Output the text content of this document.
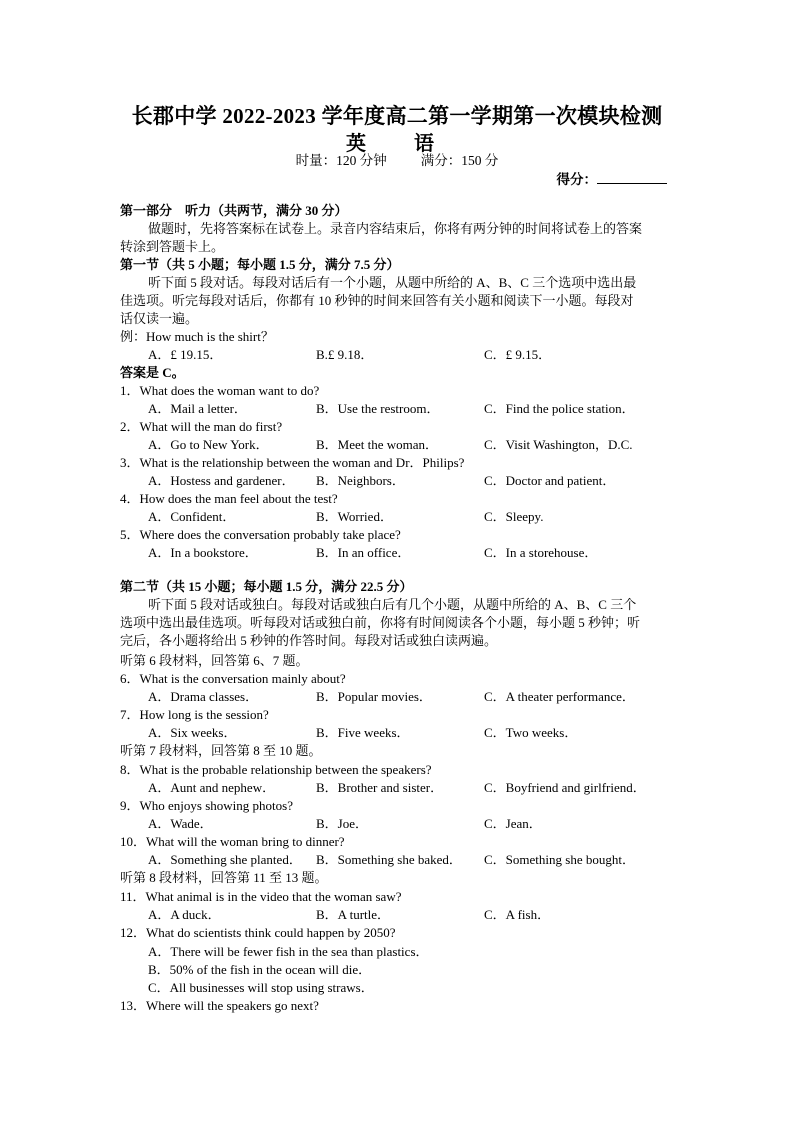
长郡中学 2022-2023 学年度高二第一学期第一次模块检测
英　语
时量：120 分钟	满分：150 分
得分：
第一部分　听力（共两节，满分 30 分）
做题时，先将答案标在试卷上。录音内容结束后，你将有两分钟的时间将试卷上的答案
转涂到答题卡上。
第一节（共 5 小题；每小题 1.5 分，满分 7.5 分）
听下面 5 段对话。每段对话后有一个小题，从题中所给的 A、B、C 三个选项中选出最
佳选项。听完每段对话后，你都有 10 秒钟的时间来回答有关小题和阅读下一小题。每段对
话仅读一遍。
例：How much is the shirt？
A．£ 19.15．	B.£ 9.18．	C．£ 9.15．
答案是 C。
1．What does the woman want to do?
A．Mail a letter．	B．Use the restroom．	C．Find the police station．
2．What will the man do first?
A．Go to New York．	B．Meet the woman．	C．Visit Washington，D.C.
3．What is the relationship between the woman and Dr．Philips?
A．Hostess and gardener． B．Neighbors．	C．Doctor and patient．
4．How does the man feel about the test?
A．Confident．	B．Worried．	C．Sleepy.
5．Where does the conversation probably take place?
A．In a bookstore．	B．In an office．	C．In a storehouse．
第二节（共 15 小题；每小题 1.5 分，满分 22.5 分）
听下面 5 段对话或独白。每段对话或独白后有几个小题，从题中所给的 A、B、C 三个
选项中选出最佳选项。听每段对话或独白前，你将有时间阅读各个小题，每小题 5 秒钟；听
完后，各小题将给出 5 秒钟的作答时间。每段对话或独白读两遍。
听第 6 段材料，回答第 6、7 题。
6．What is the conversation mainly about?
A．Drama classes．	B．Popular movies．	C．A theater performance．
7．How long is the session?
A．Six weeks．	B．Five weeks．	C．Two weeks．
听第 7 段材料，回答第 8 至 10 题。
8．What is the probable relationship between the speakers?
A．Aunt and nephew．	B．Brother and sister．	C．Boyfriend and girlfriend．
9．Who enjoys showing photos?
A．Wade．	B．Joe．	C．Jean．
10．What will the woman bring to dinner?
A．Something she planted． B．Something she baked． C．Something she bought．
听第 8 段材料，回答第 11 至 13 题。
11．What animal is in the video that the woman saw?
A．A duck．	B．A turtle．	C．A fish．
12．What do scientists think could happen by 2050?
A．There will be fewer fish in the sea than plastics．
B．50% of the fish in the ocean will die．
C．All businesses will stop using straws．
13．Where will the speakers go next?
